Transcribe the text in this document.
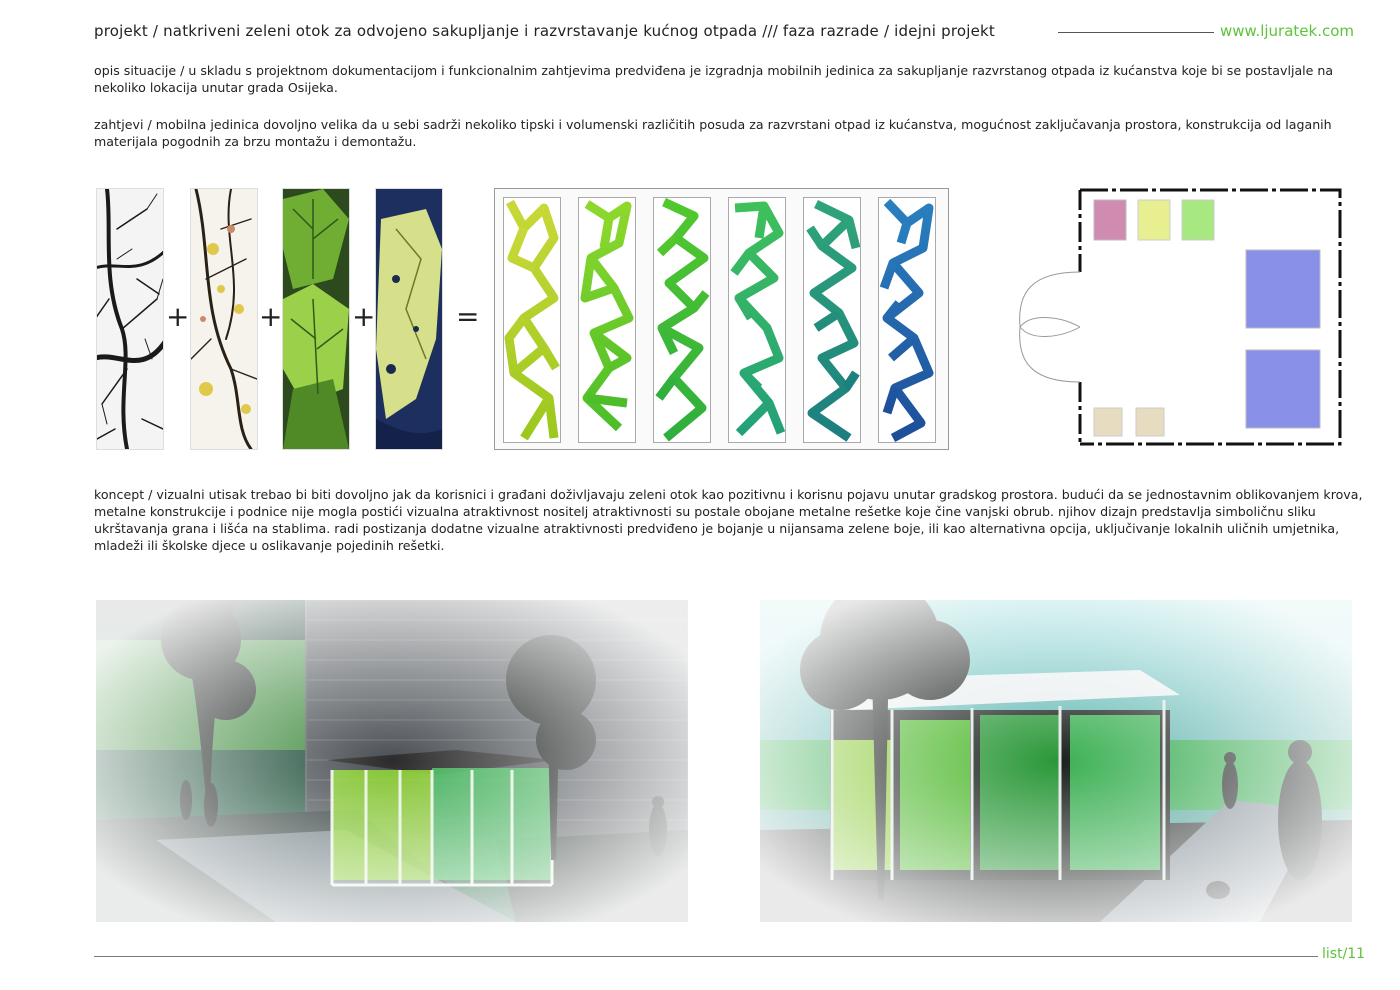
projekt / natkriveni zeleni otok za odvojeno sakupljanje i razvrstavanje kućnog otpada /// faza razrade / idejni projekt	www.ljuratek.com
opis situacije / u skladu s projektnom dokumentacijom i funkcionalnim zahtjevima predviđena je izgradnja mobilnih jedinica za sakupljanje razvrstanog otpada iz kućanstva koje bi se postavljale na nekoliko lokacija unutar grada Osijeka.
zahtjevi / mobilna jedinica dovoljno velika da u sebi sadrži nekoliko tipski i volumenski različitih posuda za razvrstani otpad iz kućanstva, mogućnost zaključavanja prostora, konstrukcija od laganih materijala pogodnih za brzu montažu i demontažu.
+ + +	=
koncept / vizualni utisak trebao bi biti dovoljno jak da korisnici i građani doživljavaju zeleni otok kao pozitivnu i korisnu pojavu unutar gradskog prostora. budući da se jednostavnim oblikovanjem krova, metalne konstrukcije i podnice nije mogla postići vizualna atraktivnost nositelj atraktivnosti su postale obojane metalne rešetke koje čine vanjski obrub. njihov dizajn predstavlja simboličnu sliku ukrštavanja grana i lišća na stablima. radi postizanja dodatne vizualne atraktivnosti predviđeno je bojanje u nijansama zelene boje, ili kao alternativna opcija, uključivanje lokalnih uličnih umjetnika, mladeži ili školske djece u oslikavanje pojedinih rešetki.
list/11
